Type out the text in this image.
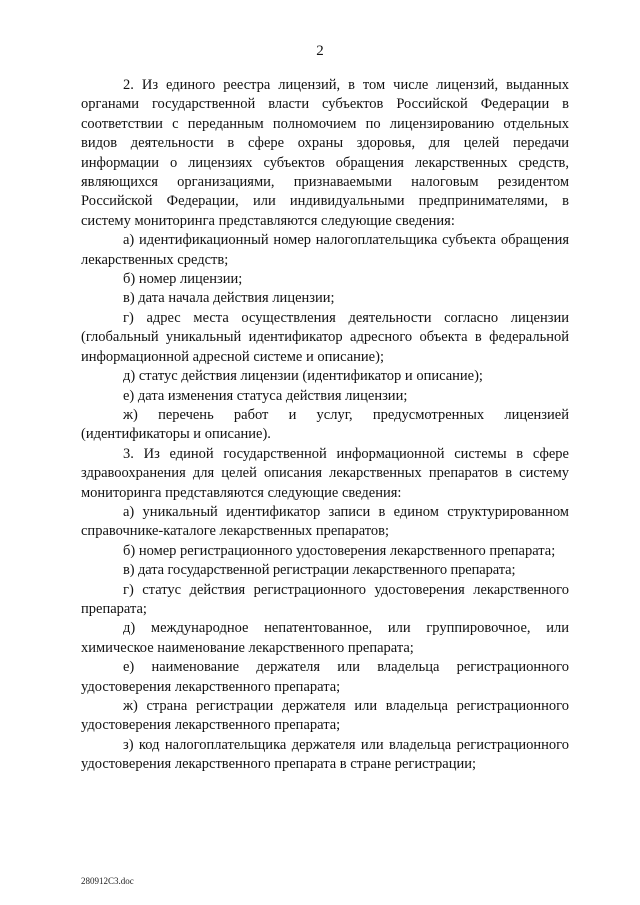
2

2. Из единого реестра лицензий, в том числе лицензий, выданных органами государственной власти субъектов Российской Федерации в соответствии с переданным полномочием по лицензированию отдельных видов деятельности в сфере охраны здоровья, для целей передачи информации о лицензиях субъектов обращения лекарственных средств, являющихся организациями, признаваемыми налоговым резидентом Российской Федерации, или индивидуальными предпринимателями, в систему мониторинга представляются следующие сведения:

а) идентификационный номер налогоплательщика субъекта обращения лекарственных средств;

б) номер лицензии;

в) дата начала действия лицензии;

г) адрес места осуществления деятельности согласно лицензии (глобальный уникальный идентификатор адресного объекта в федеральной информационной адресной системе и описание);

д) статус действия лицензии (идентификатор и описание);

е) дата изменения статуса действия лицензии;

ж) перечень работ и услуг, предусмотренных лицензией (идентификаторы и описание).

3. Из единой государственной информационной системы в сфере здравоохранения для целей описания лекарственных препаратов в систему мониторинга представляются следующие сведения:

а) уникальный идентификатор записи в едином структурированном справочнике-каталоге лекарственных препаратов;

б) номер регистрационного удостоверения лекарственного препарата;

в) дата государственной регистрации лекарственного препарата;

г) статус действия регистрационного удостоверения лекарственного препарата;

д) международное непатентованное, или группировочное, или химическое наименование лекарственного препарата;

е) наименование держателя или владельца регистрационного удостоверения лекарственного препарата;

ж) страна регистрации держателя или владельца регистрационного удостоверения лекарственного препарата;

з) код налогоплательщика держателя или владельца регистрационного удостоверения лекарственного препарата в стране регистрации;

280912C3.doc
